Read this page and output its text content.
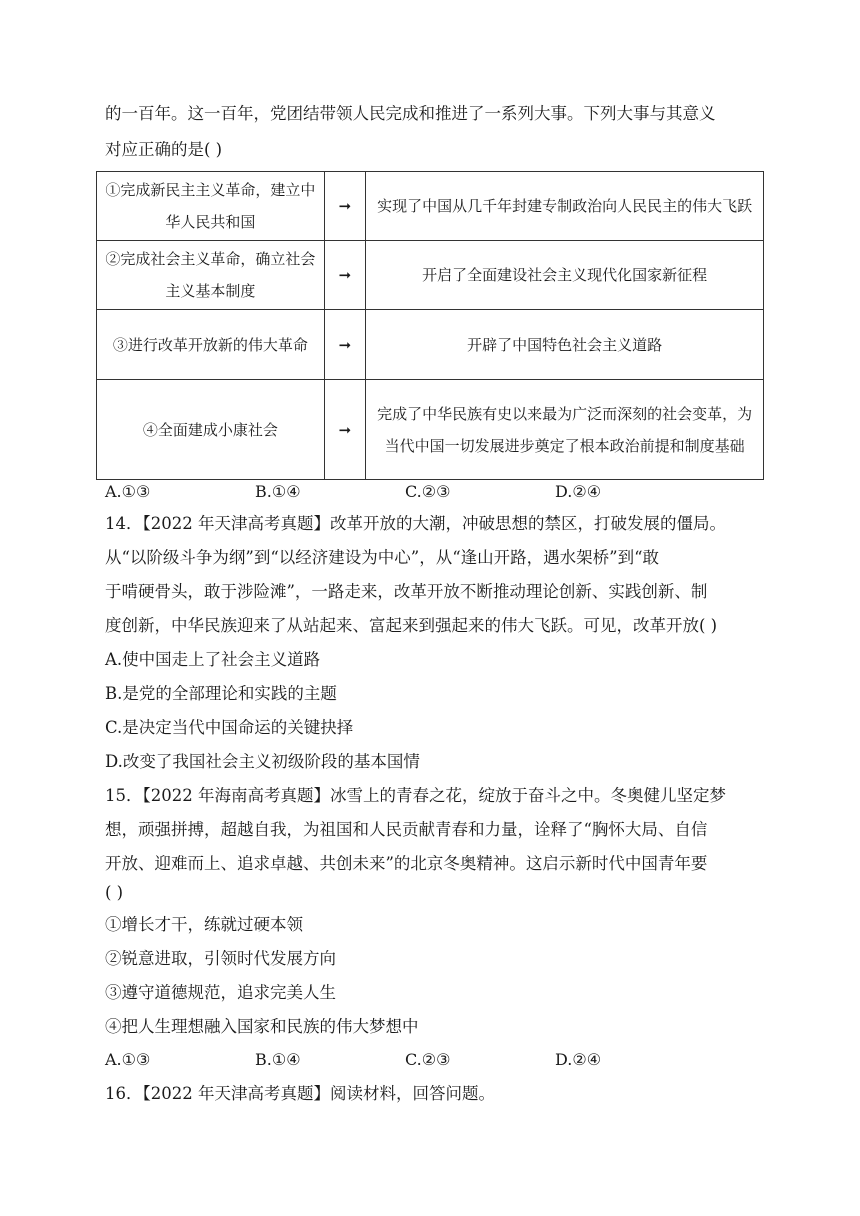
的一百年。这一百年，党团结带领人民完成和推进了一系列大事。下列大事与其意义
对应正确的是( )
①完成新民主主义革命，建立中华人民共和国	➞	实现了中国从几千年封建专制政治向人民民主的伟大飞跃
②完成社会主义革命，确立社会主义基本制度	➞	开启了全面建设社会主义现代化国家新征程
③进行改革开放新的伟大革命	➞	开辟了中国特色社会主义道路
④全面建成小康社会	➞	完成了中华民族有史以来最为广泛而深刻的社会变革，为当代中国一切发展进步奠定了根本政治前提和制度基础
A.①③	B.①④	C.②③	D.②④
14．【2022 年天津高考真题】改革开放的大潮，冲破思想的禁区，打破发展的僵局。
从“以阶级斗争为纲”到“以经济建设为中心”，从“逢山开路，遇水架桥”到“敢
于啃硬骨头，敢于涉险滩”，一路走来，改革开放不断推动理论创新、实践创新、制
度创新，中华民族迎来了从站起来、富起来到强起来的伟大飞跃。可见，改革开放( )
A.使中国走上了社会主义道路
B.是党的全部理论和实践的主题
C.是决定当代中国命运的关键抉择
D.改变了我国社会主义初级阶段的基本国情
15．【2022 年海南高考真题】冰雪上的青春之花，绽放于奋斗之中。冬奥健儿坚定梦
想，顽强拼搏，超越自我，为祖国和人民贡献青春和力量，诠释了“胸怀大局、自信
开放、迎难而上、追求卓越、共创未来”的北京冬奥精神。这启示新时代中国青年要
( )
①增长才干，练就过硬本领
②锐意进取，引领时代发展方向
③遵守道德规范，追求完美人生
④把人生理想融入国家和民族的伟大梦想中
A.①③	B.①④	C.②③	D.②④
16．【2022 年天津高考真题】阅读材料，回答问题。
